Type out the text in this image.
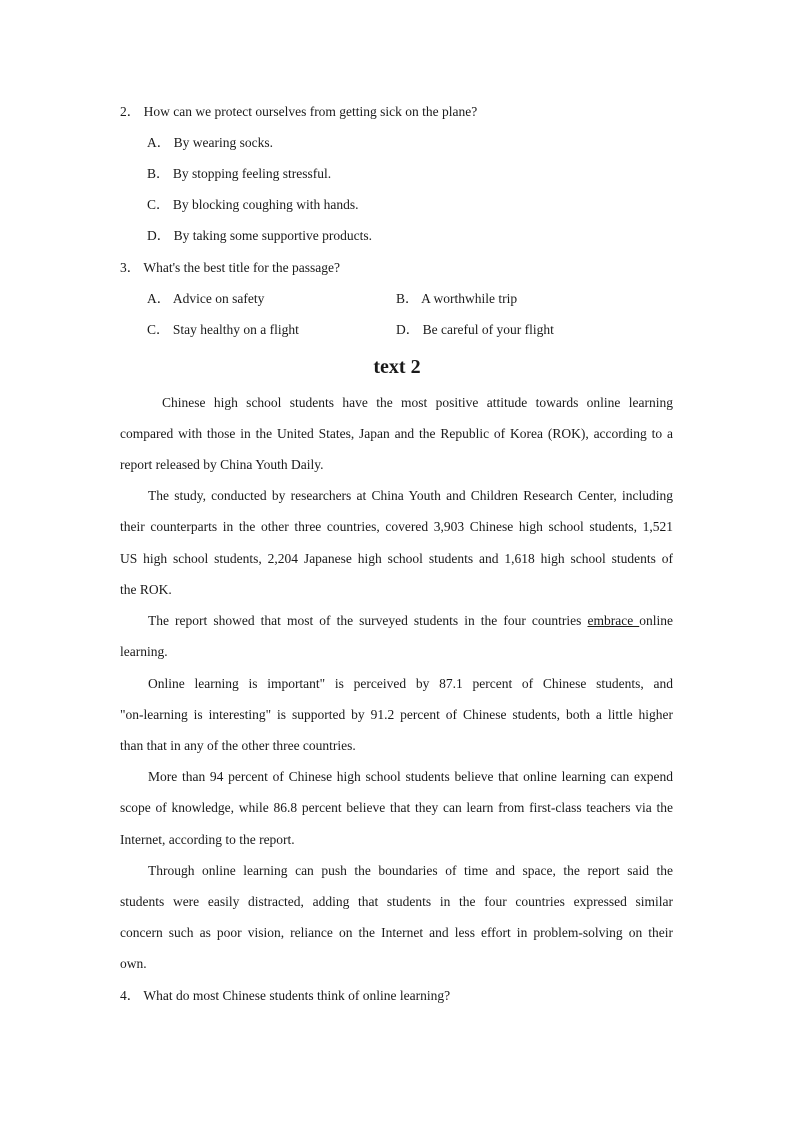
2． How can we protect ourselves from getting sick on the plane?
A． By wearing socks.
B． By stopping feeling stressful.
C． By blocking coughing with hands.
D． By taking some supportive products.
3． What's the best title for the passage?
A． Advice on safety	B． A worthwhile trip
C． Stay healthy on a flight	D． Be careful of your flight
text 2
Chinese high school students have the most positive attitude towards online learning
compared with those in the United States, Japan and the Republic of Korea (ROK), according to a
report released by China Youth Daily.
The study, conducted by researchers at China Youth and Children Research Center, including
their counterparts in the other three countries, covered 3,903 Chinese high school students, 1,521
US high school students, 2,204 Japanese high school students and 1,618 high school students of
the ROK.
The report showed that most of the surveyed students in the four countries embrace online
learning.
Online learning is important" is perceived by 87.1 percent of Chinese students, and
"on-learning is interesting" is supported by 91.2 percent of Chinese students, both a little higher
than that in any of the other three countries.
More than 94 percent of Chinese high school students believe that online learning can expend
scope of knowledge, while 86.8 percent believe that they can learn from first-class teachers via the
Internet, according to the report.
Through online learning can push the boundaries of time and space, the report said the
students were easily distracted, adding that students in the four countries expressed similar
concern such as poor vision, reliance on the Internet and less effort in problem-solving on their
own.
4． What do most Chinese students think of online learning?
